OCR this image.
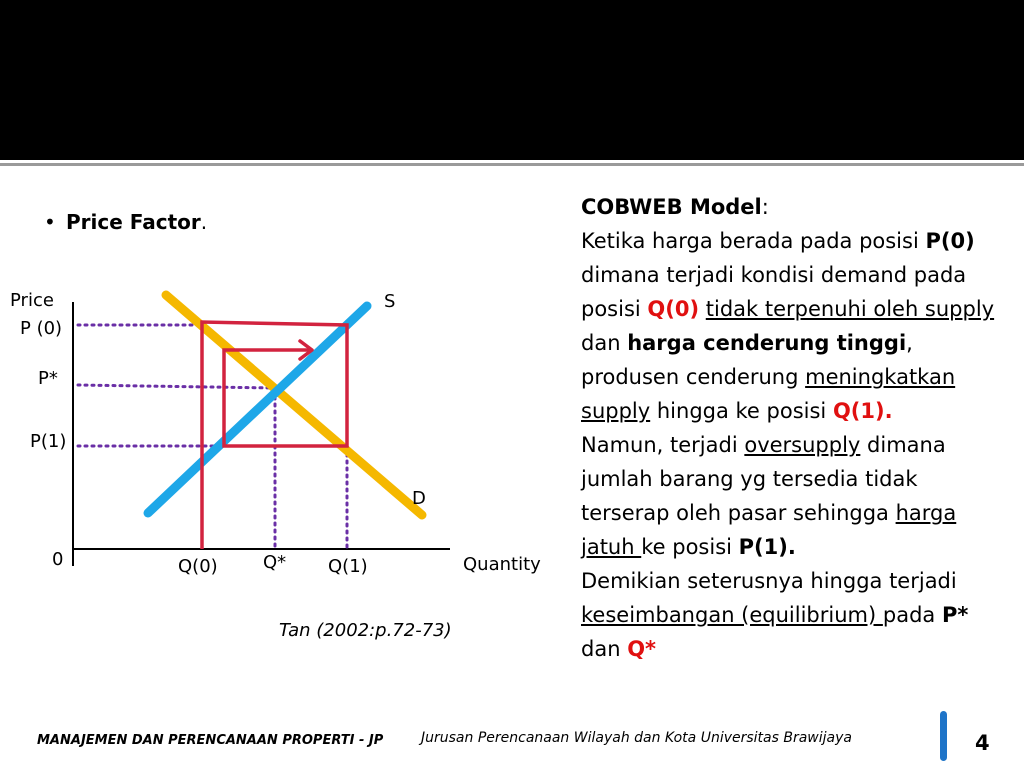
• Price Factor.
Price
P (0)
P*
P(1)
0
S
D
Q(0)	Q* Q(1)	Quantity
Tan (2002:p.72-73)
COBWEB Model:
Ketika harga berada pada posisi P(0) dimana terjadi kondisi demand pada posisi Q(0) tidak terpenuhi oleh supply dan harga cenderung tinggi, produsen cenderung meningkatkan supply hingga ke posisi Q(1).
Namun, terjadi oversupply dimana jumlah barang yg tersedia tidak terserap oleh pasar sehingga harga jatuh ke posisi P(1).
Demikian seterusnya hingga terjadi keseimbangan (equilibrium) pada P* dan Q*
MANAJEMEN DAN PERENCANAAN PROPERTI - JP	Jurusan Perencanaan Wilayah dan Kota Universitas Brawijaya	4
